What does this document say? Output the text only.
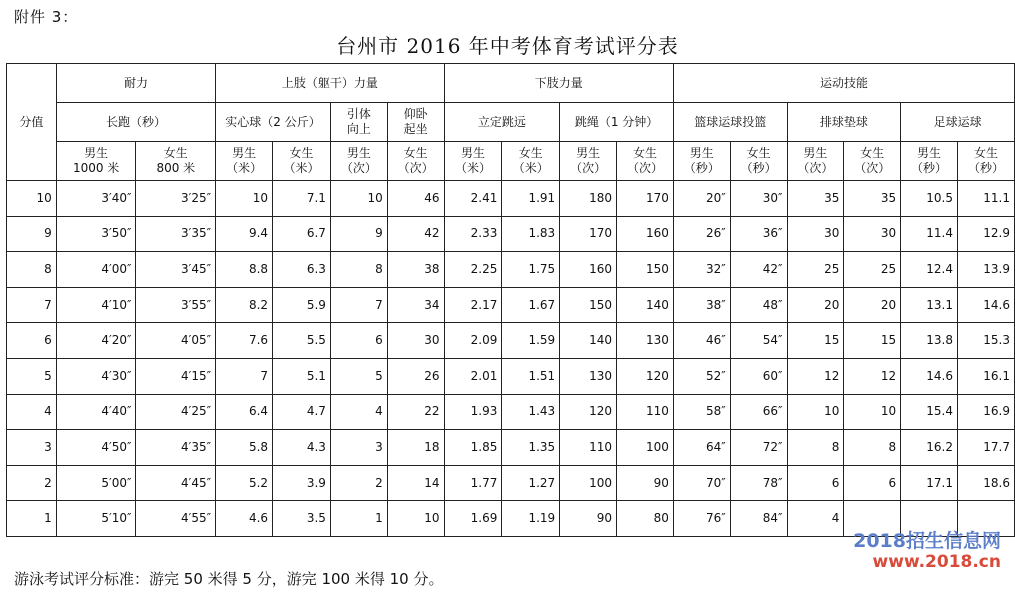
附件 3：
台州市 2016 年中考体育考试评分表
分值	耐力		上肢（躯干）力量				下肢力量				运动技能					
	长跑（秒）		实心球（2 公斤）		引体
向上	仰卧
起坐	立定跳远		跳绳（1 分钟）		篮球运球投篮		排球垫球		足球运球	

	男生
1000 米	女生
800 米	男生
（米）	女生
（米）	男生
（次）	女生
（次）	男生
（米）	女生
（米）	男生
（次）	女生
（次）	男生
（秒）	女生
（秒）	男生
（次）	女生
（次）	男生
（秒）	女生
（秒）

10	3′40″	3′25″	10	7.1	10	46	2.41	1.91	180	170	20″	30″	35	35	10.5	11.1
9	3′50″	3′35″	9.4	6.7	9	42	2.33	1.83	170	160	26″	36″	30	30	11.4	12.9
8	4′00″	3′45″	8.8	6.3	8	38	2.25	1.75	160	150	32″	42″	25	25	12.4	13.9
7	4′10″	3′55″	8.2	5.9	7	34	2.17	1.67	150	140	38″	48″	20	20	13.1	14.6
6	4′20″	4′05″	7.6	5.5	6	30	2.09	1.59	140	130	46″	54″	15	15	13.8	15.3
5	4′30″	4′15″	7	5.1	5	26	2.01	1.51	130	120	52″	60″	12	12	14.6	16.1
4	4′40″	4′25″	6.4	4.7	4	22	1.93	1.43	120	110	58″	66″	10	10	15.4	16.9
3	4′50″	4′35″	5.8	4.3	3	18	1.85	1.35	110	100	64″	72″	8	8	16.2	17.7
2	5′00″	4′45″	5.2	3.9	2	14	1.77	1.27	100	90	70″	78″	6	6	17.1	18.6
1	5′10″	4′55″	4.6	3.5	1	10	1.69	1.19	90	80	76″	84″	4			
游泳考试评分标准：游完 50 米得 5 分，游完 100 米得 10 分。
2018招生信息网
www.2018.cn
